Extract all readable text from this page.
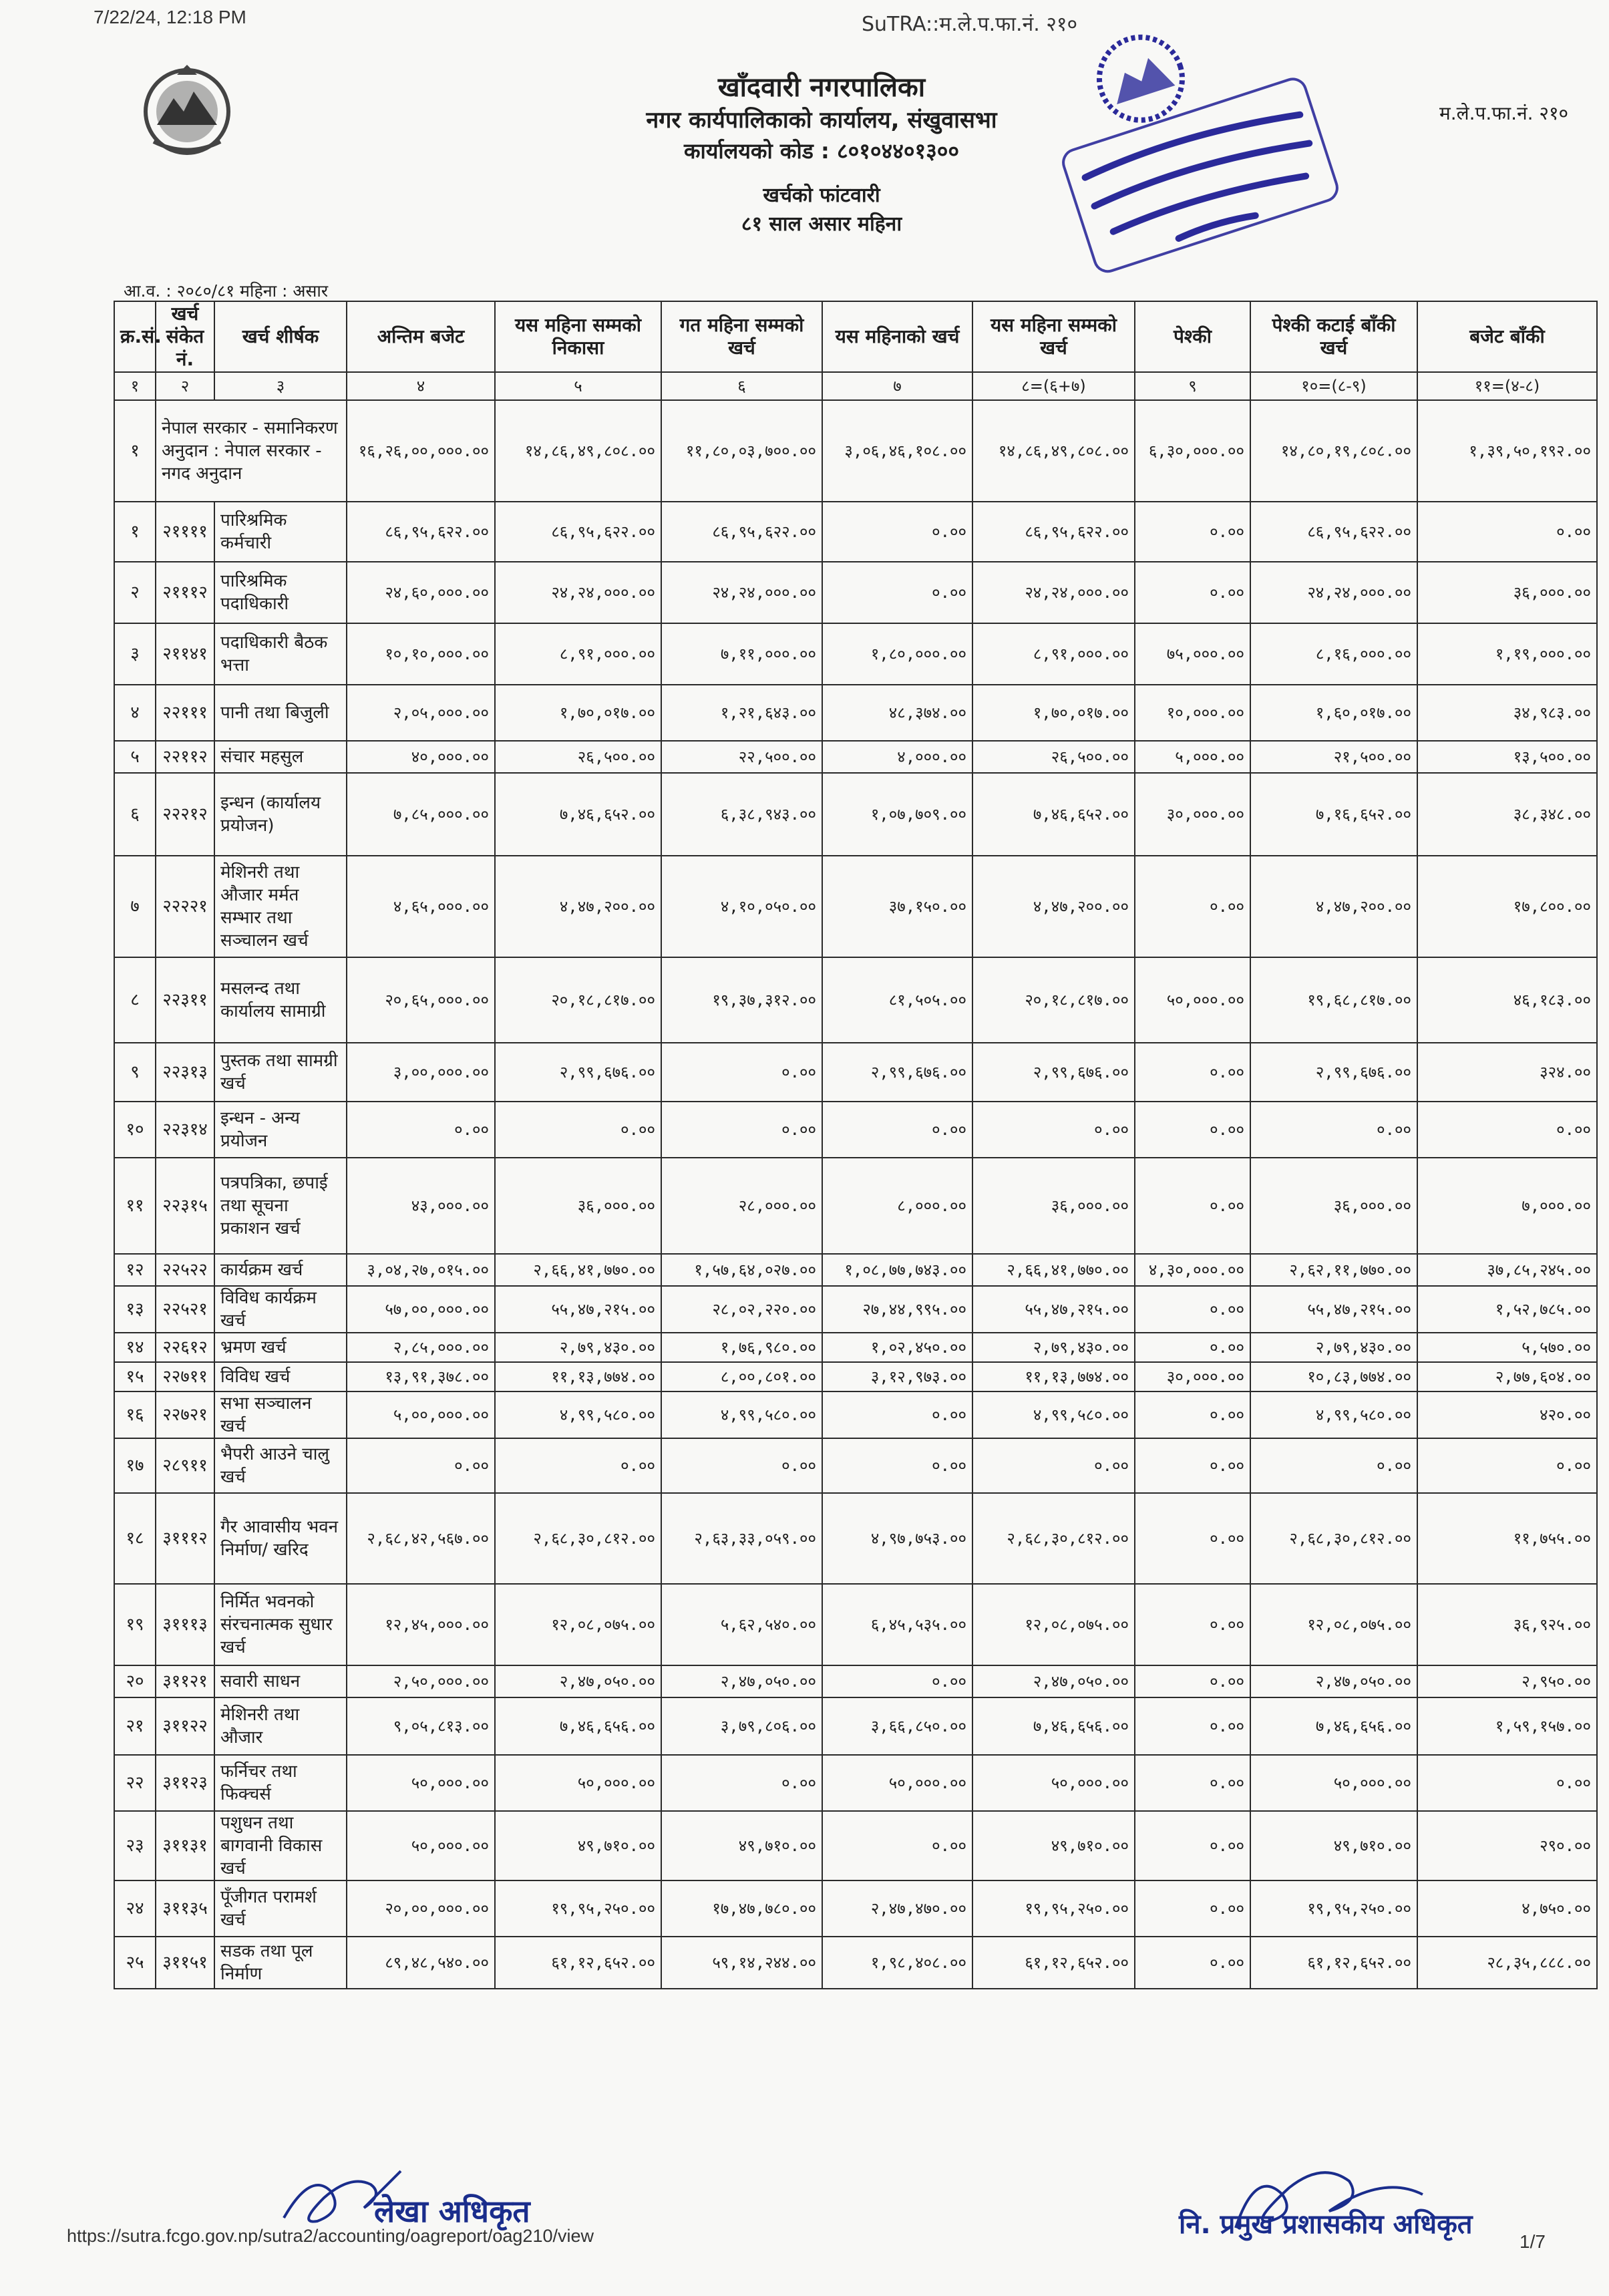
7/22/24, 12:18 PM	SuTRA::म.ले.प.फा.नं. २१०
खाँदवारी नगरपालिका
नगर कार्यपालिकाको कार्यालय, संखुवासभा
कार्यालयको कोड : ८०१०४४०१३००
खर्चको फांटवारी
८१ साल असार महिना
म.ले.प.फा.नं. २१०
आ.व. : २०८०/८१ महिना : असार
क्र.सं.	खर्च संकेत नं.	खर्च शीर्षक	अन्तिम बजेट	यस महिना सम्मको निकासा	गत महिना सम्मको खर्च	यस महिनाको खर्च	यस महिना सम्मको खर्च	पेश्की	पेश्की कटाई बाँकी खर्च	बजेट बाँकी
१	२	३	४	५	६	७	८=(६+७)	९	१०=(८-९)	११=(४-८)
१	नेपाल सरकार - समानिकरण अनुदान : नेपाल सरकार - नगद अनुदान		१६,२६,००,०००.००	१४,८६,४९,८०८.००	११,८०,०३,७००.००	३,०६,४६,१०८.००	१४,८६,४९,८०८.००	६,३०,०००.००	१४,८०,१९,८०८.००	१,३९,५०,१९२.००
१	२११११	पारिश्रमिक कर्मचारी	८६,९५,६२२.००	८६,९५,६२२.००	८६,९५,६२२.००	०.००	८६,९५,६२२.००	०.००	८६,९५,६२२.००	०.००
२	२१११२	पारिश्रमिक पदाधिकारी	२४,६०,०००.००	२४,२४,०००.००	२४,२४,०००.००	०.००	२४,२४,०००.००	०.००	२४,२४,०००.००	३६,०००.००
३	२११४१	पदाधिकारी बैठक भत्ता	१०,१०,०००.००	८,९१,०००.००	७,११,०००.००	१,८०,०००.००	८,९१,०००.००	७५,०००.००	८,१६,०००.००	१,१९,०००.००
४	२२१११	पानी तथा बिजुली	२,०५,०००.००	१,७०,०१७.००	१,२१,६४३.००	४८,३७४.००	१,७०,०१७.००	१०,०००.००	१,६०,०१७.००	३४,९८३.००
५	२२११२	संचार महसुल	४०,०००.००	२६,५००.००	२२,५००.००	४,०००.००	२६,५००.००	५,०००.००	२१,५००.००	१३,५००.००
६	२२२१२	इन्धन (कार्यालय प्रयोजन)	७,८५,०००.००	७,४६,६५२.००	६,३८,९४३.००	१,०७,७०९.००	७,४६,६५२.००	३०,०००.००	७,१६,६५२.००	३८,३४८.००
७	२२२२१	मेशिनरी तथा औजार मर्मत सम्भार तथा सञ्चालन खर्च	४,६५,०००.००	४,४७,२००.००	४,१०,०५०.००	३७,१५०.००	४,४७,२००.००	०.००	४,४७,२००.००	१७,८००.००
८	२२३११	मसलन्द तथा कार्यालय सामाग्री	२०,६५,०००.००	२०,१८,८१७.००	१९,३७,३१२.००	८१,५०५.००	२०,१८,८१७.००	५०,०००.००	१९,६८,८१७.००	४६,१८३.००
९	२२३१३	पुस्तक तथा सामग्री खर्च	३,००,०००.००	२,९९,६७६.००	०.००	२,९९,६७६.००	२,९९,६७६.००	०.००	२,९९,६७६.००	३२४.००
१०	२२३१४	इन्धन - अन्य प्रयोजन	०.००	०.००	०.००	०.००	०.००	०.००	०.००	०.००
११	२२३१५	पत्रपत्रिका, छपाई तथा सूचना प्रकाशन खर्च	४३,०००.००	३६,०००.००	२८,०००.००	८,०००.००	३६,०००.००	०.००	३६,०००.००	७,०००.००
१२	२२५२२	कार्यक्रम खर्च	३,०४,२७,०१५.००	२,६६,४१,७७०.००	१,५७,६४,०२७.००	१,०८,७७,७४३.००	२,६६,४१,७७०.००	४,३०,०००.००	२,६२,११,७७०.००	३७,८५,२४५.००
१३	२२५२१	विविध कार्यक्रम खर्च	५७,००,०००.००	५५,४७,२१५.००	२८,०२,२२०.००	२७,४४,९९५.००	५५,४७,२१५.००	०.००	५५,४७,२१५.००	१,५२,७८५.००
१४	२२६१२	भ्रमण खर्च	२,८५,०००.००	२,७९,४३०.००	१,७६,९८०.००	१,०२,४५०.००	२,७९,४३०.००	०.००	२,७९,४३०.००	५,५७०.००
१५	२२७११	विविध खर्च	१३,९१,३७८.००	११,१३,७७४.००	८,००,८०१.००	३,१२,९७३.००	११,१३,७७४.००	३०,०००.००	१०,८३,७७४.००	२,७७,६०४.००
१६	२२७२१	सभा सञ्चालन खर्च	५,००,०००.००	४,९९,५८०.००	४,९९,५८०.००	०.००	४,९९,५८०.००	०.००	४,९९,५८०.००	४२०.००
१७	२८९११	भैपरी आउने चालु खर्च	०.००	०.००	०.००	०.००	०.००	०.००	०.००	०.००
१८	३१११२	गैर आवासीय भवन निर्माण/ खरिद	२,६८,४२,५६७.००	२,६८,३०,८१२.००	२,६३,३३,०५९.००	४,९७,७५३.००	२,६८,३०,८१२.००	०.००	२,६८,३०,८१२.००	११,७५५.००
१९	३१११३	निर्मित भवनको संरचनात्मक सुधार खर्च	१२,४५,०००.००	१२,०८,०७५.००	५,६२,५४०.००	६,४५,५३५.००	१२,०८,०७५.००	०.००	१२,०८,०७५.००	३६,९२५.००
२०	३११२१	सवारी साधन	२,५०,०००.००	२,४७,०५०.००	२,४७,०५०.००	०.००	२,४७,०५०.००	०.००	२,४७,०५०.००	२,९५०.००
२१	३११२२	मेशिनरी तथा औजार	९,०५,८१३.००	७,४६,६५६.००	३,७९,८०६.००	३,६६,८५०.००	७,४६,६५६.००	०.००	७,४६,६५६.००	१,५९,१५७.००
२२	३११२३	फर्निचर तथा फिक्चर्स	५०,०००.००	५०,०००.००	०.००	५०,०००.००	५०,०००.००	०.००	५०,०००.००	०.००
२३	३११३१	पशुधन तथा बागवानी विकास खर्च	५०,०००.००	४९,७१०.००	४९,७१०.००	०.००	४९,७१०.००	०.००	४९,७१०.००	२९०.००
२४	३११३५	पूँजीगत परामर्श खर्च	२०,००,०००.००	१९,९५,२५०.००	१७,४७,७८०.००	२,४७,४७०.००	१९,९५,२५०.००	०.००	१९,९५,२५०.००	४,७५०.००
२५	३११५१	सडक तथा पूल निर्माण	८९,४८,५४०.००	६१,१२,६५२.००	५९,१४,२४४.००	१,९८,४०८.००	६१,१२,६५२.००	०.००	६१,१२,६५२.००	२८,३५,८८८.००
लेखा अधिकृत	नि. प्रमुख प्रशासकीय अधिकृत
https://sutra.fcgo.gov.np/sutra2/accounting/oagreport/oag210/view	1/7
